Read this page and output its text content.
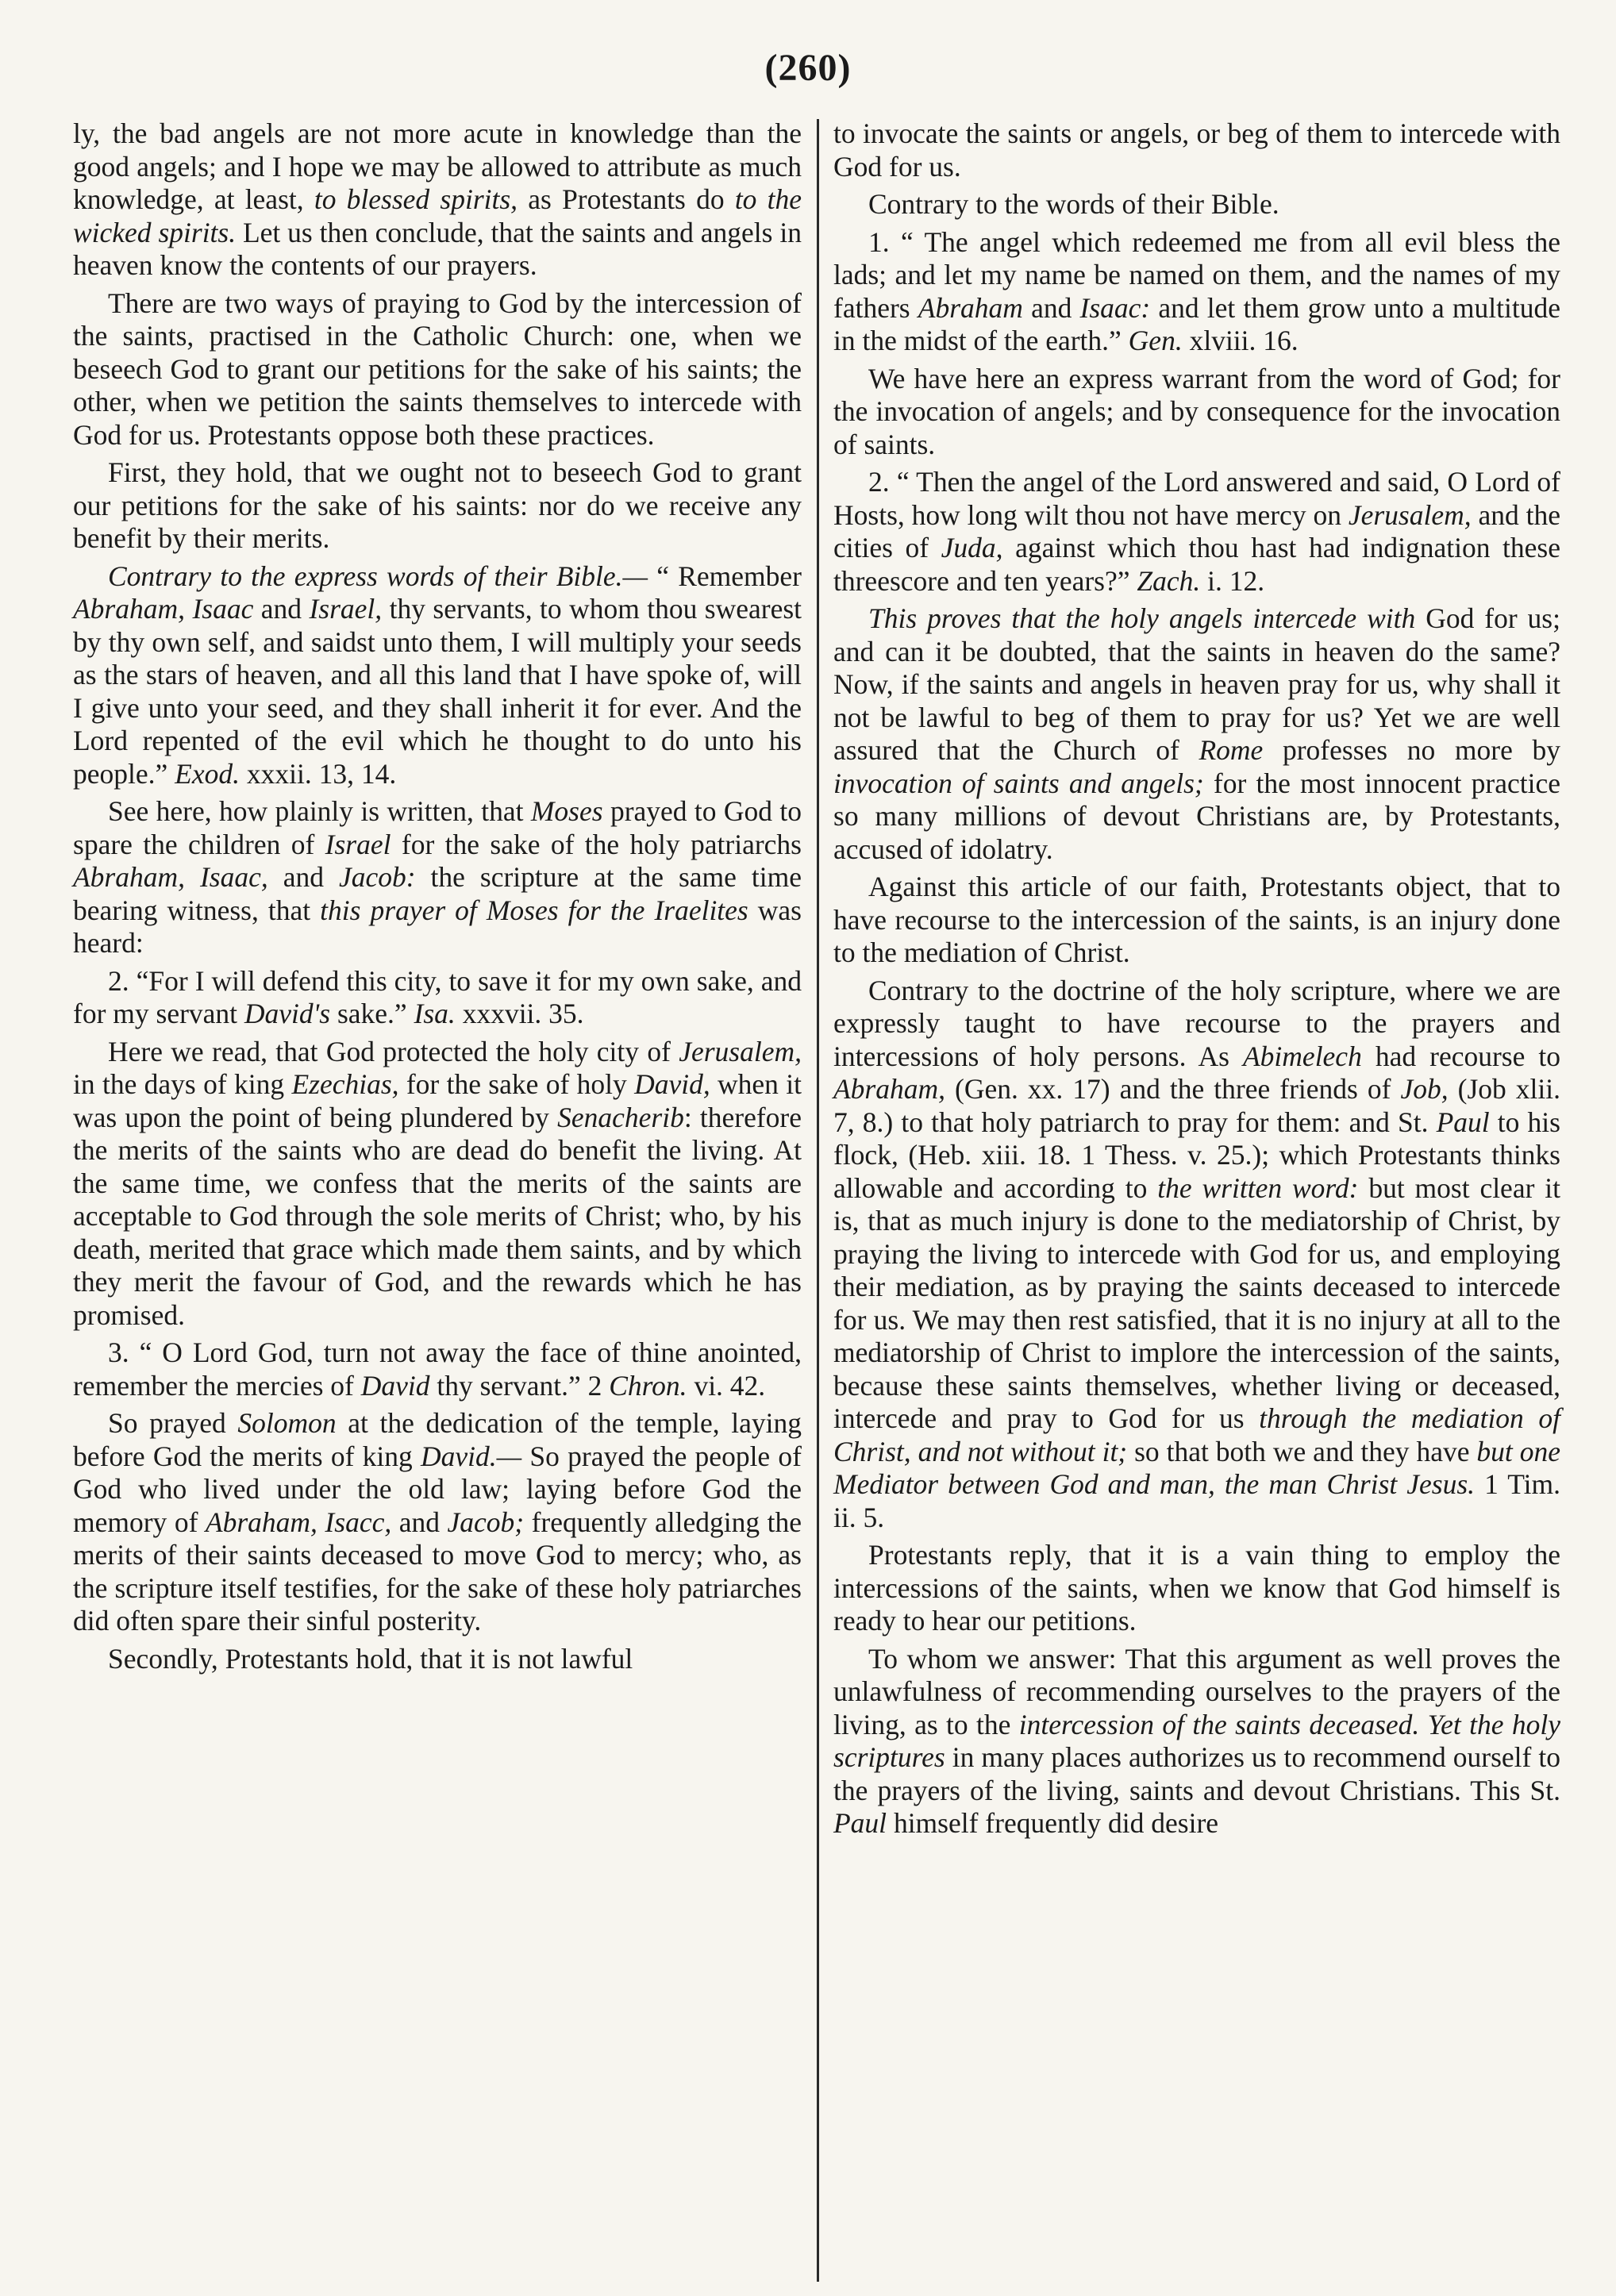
(260)

ly, the bad angels are not more acute in knowledge than the good angels; and I hope we may be allowed to attribute as much knowledge, at least, to blessed spirits, as Protestants do to the wicked spirits. Let us then conclude, that the saints and angels in heaven know the contents of our prayers.

There are two ways of praying to God by the intercession of the saints, practised in the Catholic Church: one, when we beseech God to grant our petitions for the sake of his saints; the other, when we petition the saints themselves to intercede with God for us. Protestants oppose both these practices.

First, they hold, that we ought not to beseech God to grant our petitions for the sake of his saints: nor do we receive any benefit by their merits.

Contrary to the express words of their Bible.— “ Remember Abraham, Isaac and Israel, thy servants, to whom thou swearest by thy own self, and saidst unto them, I will multiply your seeds as the stars of heaven, and all this land that I have spoke of, will I give unto your seed, and they shall inherit it for ever. And the Lord repented of the evil which he thought to do unto his people.” Exod. xxxii. 13, 14.

See here, how plainly is written, that Moses prayed to God to spare the children of Israel for the sake of the holy patriarchs Abraham, Isaac, and Jacob: the scripture at the same time bearing witness, that this prayer of Moses for the Iraelites was heard:

2. “For I will defend this city, to save it for my own sake, and for my servant David's sake.” Isa. xxxvii. 35.

Here we read, that God protected the holy city of Jerusalem, in the days of king Ezechias, for the sake of holy David, when it was upon the point of being plundered by Senacherib: therefore the merits of the saints who are dead do benefit the living. At the same time, we confess that the merits of the saints are acceptable to God through the sole merits of Christ; who, by his death, merited that grace which made them saints, and by which they merit the favour of God, and the rewards which he has promised.

3. “ O Lord God, turn not away the face of thine anointed, remember the mercies of David thy servant.” 2 Chron. vi. 42.

So prayed Solomon at the dedication of the temple, laying before God the merits of king David.— So prayed the people of God who lived under the old law; laying before God the memory of Abraham, Isacc, and Jacob; frequently alledging the merits of their saints deceased to move God to mercy; who, as the scripture itself testifies, for the sake of these holy patriarches did often spare their sinful posterity.

Secondly, Protestants hold, that it is not lawful

to invocate the saints or angels, or beg of them to intercede with God for us.

Contrary to the words of their Bible.

1. “ The angel which redeemed me from all evil bless the lads; and let my name be named on them, and the names of my fathers Abraham and Isaac: and let them grow unto a multitude in the midst of the earth.” Gen. xlviii. 16.

We have here an express warrant from the word of God; for the invocation of angels; and by consequence for the invocation of saints.

2. “ Then the angel of the Lord answered and said, O Lord of Hosts, how long wilt thou not have mercy on Jerusalem, and the cities of Juda, against which thou hast had indignation these threescore and ten years?” Zach. i. 12.

This proves that the holy angels intercede with God for us; and can it be doubted, that the saints in heaven do the same? Now, if the saints and angels in heaven pray for us, why shall it not be lawful to beg of them to pray for us? Yet we are well assured that the Church of Rome professes no more by invocation of saints and angels; for the most innocent practice so many millions of devout Christians are, by Protestants, accused of idolatry.

Against this article of our faith, Protestants object, that to have recourse to the intercession of the saints, is an injury done to the mediation of Christ.

Contrary to the doctrine of the holy scripture, where we are expressly taught to have recourse to the prayers and intercessions of holy persons. As Abimelech had recourse to Abraham, (Gen. xx. 17) and the three friends of Job, (Job xlii. 7, 8.) to that holy patriarch to pray for them: and St. Paul to his flock, (Heb. xiii. 18. 1 Thess. v. 25.); which Protestants thinks allowable and according to the written word: but most clear it is, that as much injury is done to the mediatorship of Christ, by praying the living to intercede with God for us, and employing their mediation, as by praying the saints deceased to intercede for us. We may then rest satisfied, that it is no injury at all to the mediatorship of Christ to implore the intercession of the saints, because these saints themselves, whether living or deceased, intercede and pray to God for us through the mediation of Christ, and not without it; so that both we and they have but one Mediator between God and man, the man Christ Jesus. 1 Tim. ii. 5.

Protestants reply, that it is a vain thing to employ the intercessions of the saints, when we know that God himself is ready to hear our petitions.

To whom we answer: That this argument as well proves the unlawfulness of recommending ourselves to the prayers of the living, as to the intercession of the saints deceased. Yet the holy scriptures in many places authorizes us to recommend ourself to the prayers of the living, saints and devout Christians. This St. Paul himself frequently did desire
